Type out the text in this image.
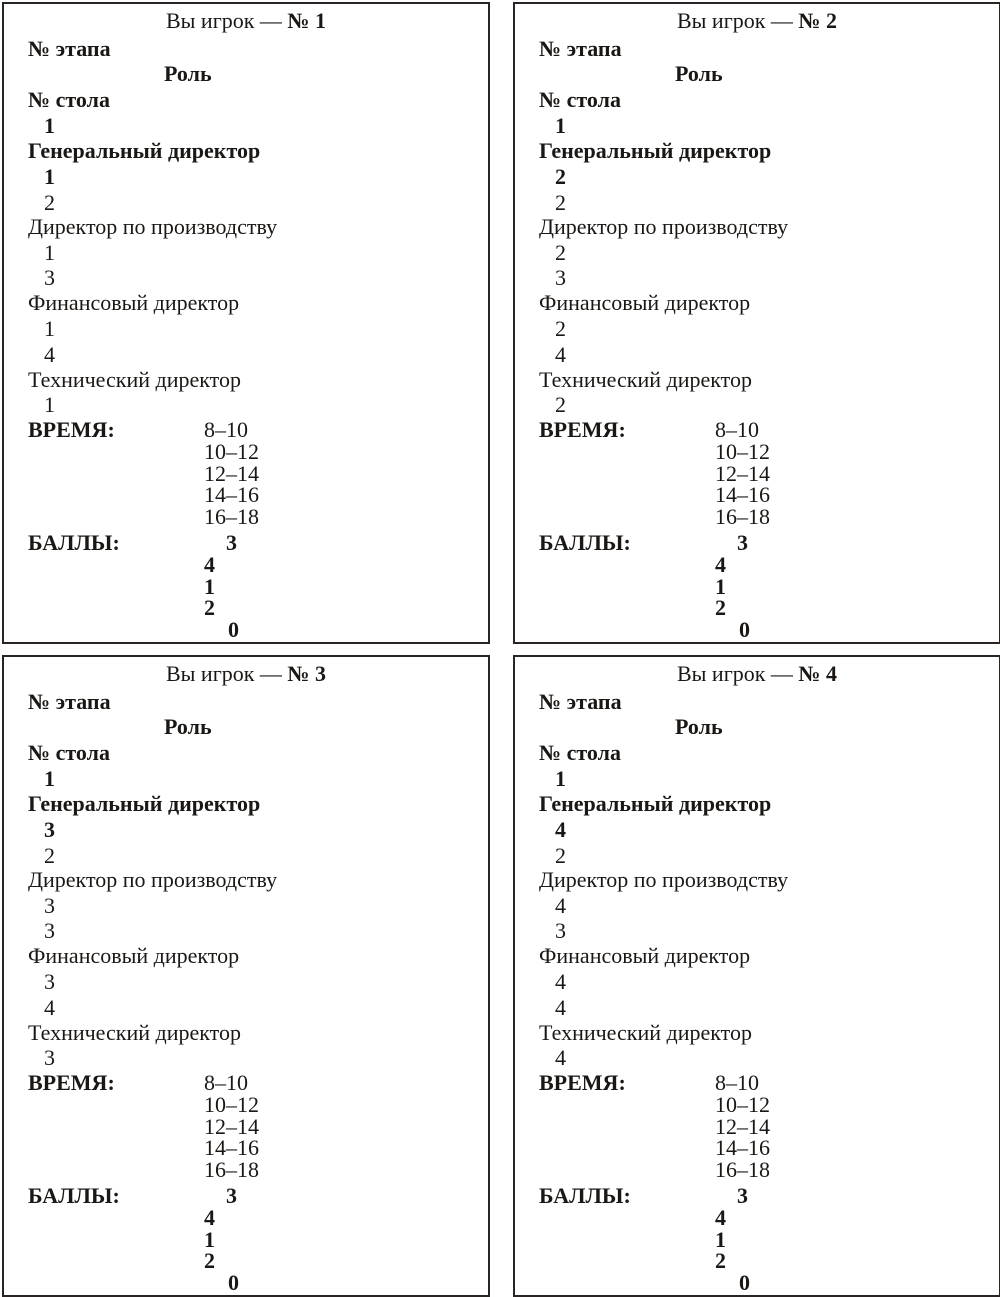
Вы игрок — № 1
№ этапа
Роль
№ стола
1
Генеральный директор
1
2
Директор по производству
1
3
Финансовый директор
1
4
Технический директор
1
ВРЕМЯ:	8–10
10–12
12–14
14–16
16–18
БАЛЛЫ:	3
4
1
2
0
Вы игрок — № 2
№ этапа
Роль
№ стола
1
Генеральный директор
2
2
Директор по производству
2
3
Финансовый директор
2
4
Технический директор
2
ВРЕМЯ:	8–10
10–12
12–14
14–16
16–18
БАЛЛЫ:	3
4
1
2
0
Вы игрок — № 3
№ этапа
Роль
№ стола
1
Генеральный директор
3
2
Директор по производству
3
3
Финансовый директор
3
4
Технический директор
3
ВРЕМЯ:	8–10
10–12
12–14
14–16
16–18
БАЛЛЫ:	3
4
1
2
0
Вы игрок — № 4
№ этапа
Роль
№ стола
1
Генеральный директор
4
2
Директор по производству
4
3
Финансовый директор
4
4
Технический директор
4
ВРЕМЯ:	8–10
10–12
12–14
14–16
16–18
БАЛЛЫ:	3
4
1
2
0
